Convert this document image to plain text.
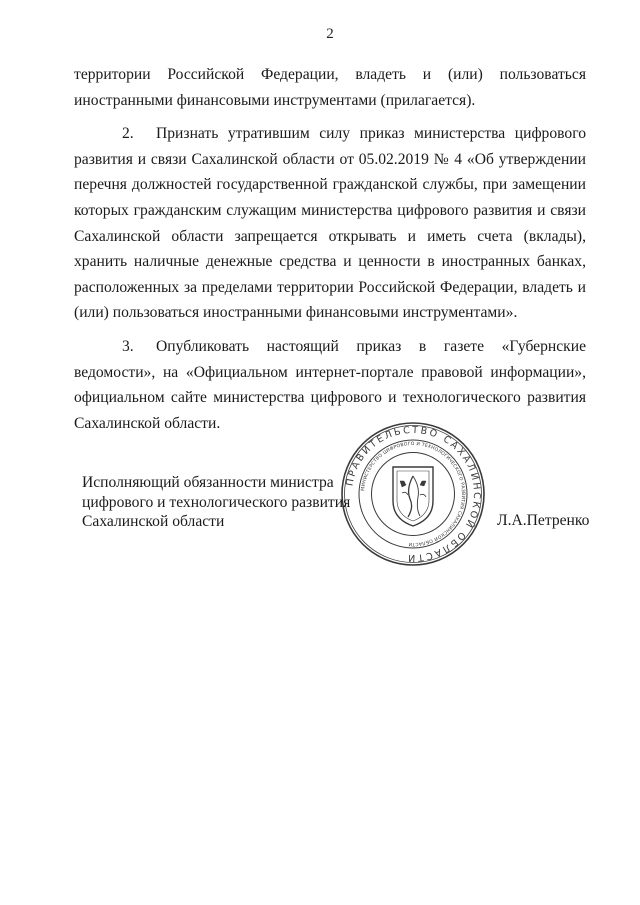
2

территории Российской Федерации, владеть и (или) пользоваться иностранными финансовыми инструментами (прилагается).

2. Признать утратившим силу приказ министерства цифрового развития и связи Сахалинской области от 05.02.2019 № 4 «Об утверждении перечня должностей государственной гражданской службы, при замещении которых гражданским служащим министерства цифрового развития и связи Сахалинской области запрещается открывать и иметь счета (вклады), хранить наличные денежные средства и ценности в иностранных банках, расположенных за пределами территории Российской Федерации, владеть и (или) пользоваться иностранными финансовыми инструментами».

3. Опубликовать настоящий приказ в газете «Губернские ведомости», на «Официальном интернет-портале правовой информации», официальном сайте министерства цифрового и технологического развития Сахалинской области.

ПРАВИТЕЛЬСТВО САХАЛИНСКОЙ ОБЛАСТИ
МИНИСТЕРСТВО ЦИФРОВОГО И ТЕХНОЛОГИЧЕСКОГО РАЗВИТИЯ САХАЛИНСКОЙ ОБЛАСТИ
Исполняющий обязанности министра
цифрового и технологического развития
Сахалинской области	Л.А.Петренко
